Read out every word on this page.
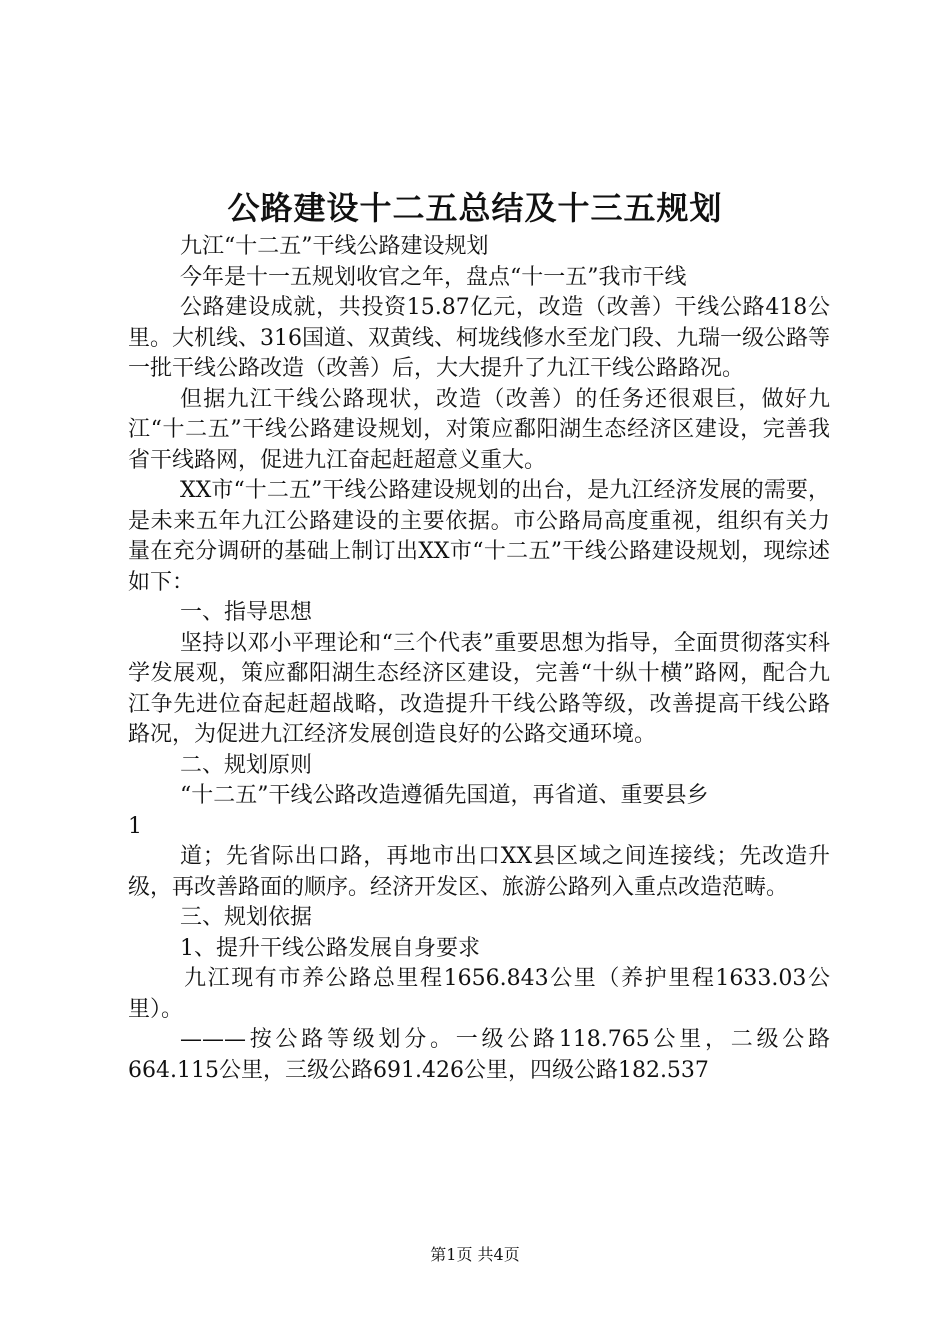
公路建设十二五总结及十三五规划

九江“十二五”干线公路建设规划

今年是十一五规划收官之年，盘点“十一五”我市干线

公路建设成就，共投资15.87亿元，改造（改善）干线公路418公里。大机线、316国道、双黄线、柯垅线修水至龙门段、九瑞一级公路等一批干线公路改造（改善）后，大大提升了九江干线公路路况。

但据九江干线公路现状，改造（改善）的任务还很艰巨，做好九江“十二五”干线公路建设规划，对策应鄱阳湖生态经济区建设，完善我省干线路网，促进九江奋起赶超意义重大。

XX市“十二五”干线公路建设规划的出台，是九江经济发展的需要，是未来五年九江公路建设的主要依据。市公路局高度重视，组织有关力量在充分调研的基础上制订出XX市“十二五”干线公路建设规划，现综述如下：

一、指导思想

坚持以邓小平理论和“三个代表”重要思想为指导，全面贯彻落实科学发展观，策应鄱阳湖生态经济区建设，完善“十纵十横”路网，配合九江争先进位奋起赶超战略，改造提升干线公路等级，改善提高干线公路路况，为促进九江经济发展创造良好的公路交通环境。

二、规划原则

“十二五”干线公路改造遵循先国道，再省道、重要县乡

1

道；先省际出口路，再地市出口XX县区域之间连接线；先改造升级，再改善路面的顺序。经济开发区、旅游公路列入重点改造范畴。

三、规划依据

1、提升干线公路发展自身要求

九江现有市养公路总里程1656.843公里（养护里程1633.03公里）。

———按公路等级划分。一级公路118.765公里，二级公路664.115公里，三级公路691.426公里，四级公路182.537

第1页 共4页
